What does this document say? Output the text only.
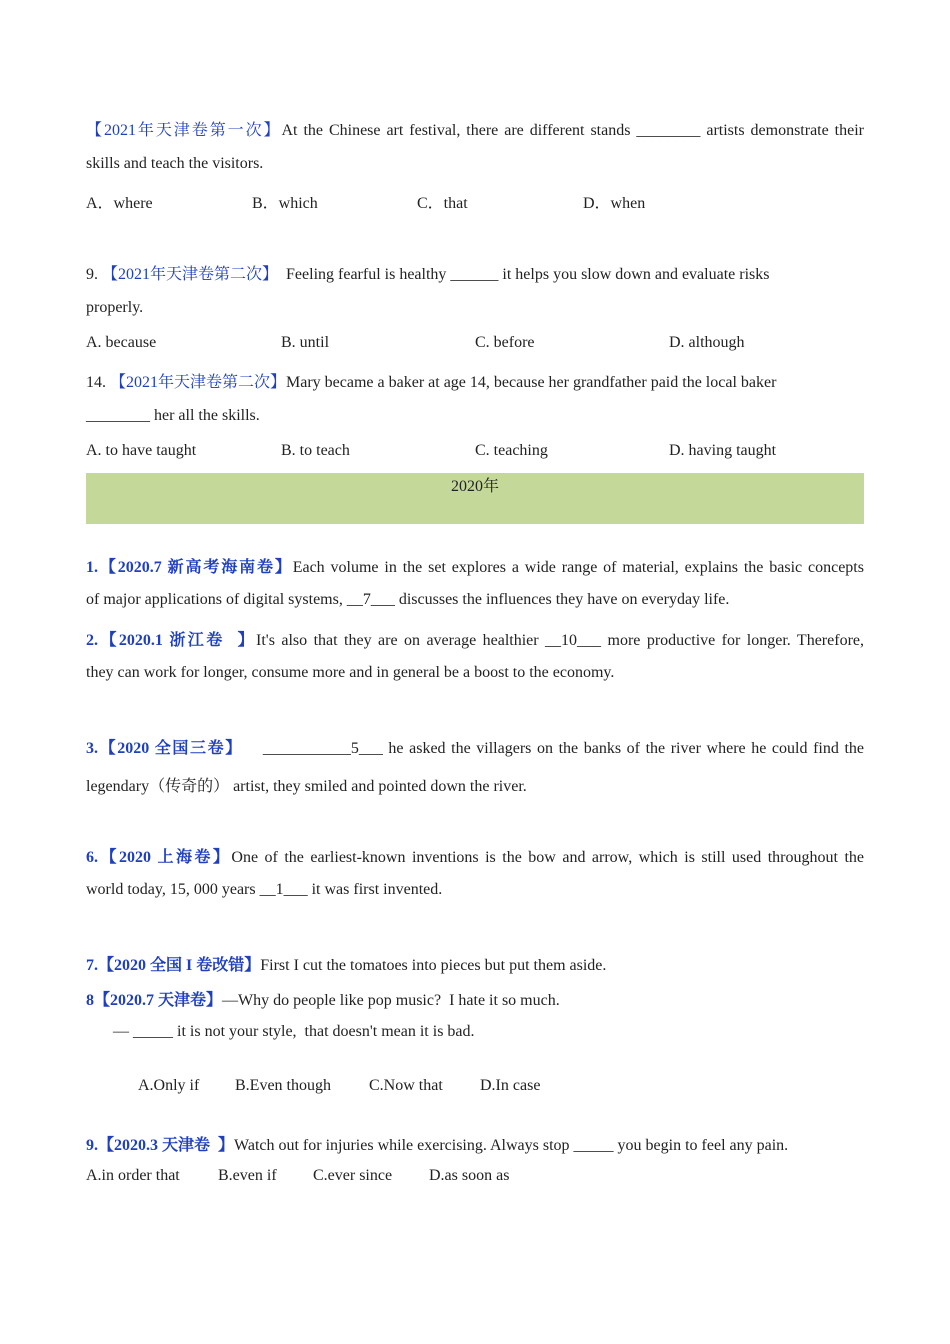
【2021年天津卷第一次】At the Chinese art festival, there are different stands ________ artists demonstrate their
skills and teach the visitors.
A．where	B．which	C．that	D．when
9. 【2021年天津卷第二次】  Feeling fearful is healthy ______ it helps you slow down and evaluate risks
properly.
A. because	B. until	C. before	D. although
14. 【2021年天津卷第二次】Mary became a baker at age 14, because her grandfather paid the local baker
________ her all the skills.
A. to have taught	B. to teach	C. teaching	D. having taught
2020年
1.【2020.7 新高考海南卷】Each volume in the set explores a wide range of material, explains the basic concepts
of major applications of digital systems, __7___ discusses the influences they have on everyday life.
2.【2020.1 浙江卷  】It's also that they are on average healthier __10___ more productive for longer. Therefore,
they can work for longer, consume more and in general be a boost to the economy.
3.【2020 全国三卷】 ___________5___ he asked the villagers on the banks of the river where he could find the
legendary（传奇的） artist, they smiled and pointed down the river.
6.【2020 上海卷】One of the earliest-known inventions is the bow and arrow, which is still used throughout the
world today, 15, 000 years __1___ it was first invented.
7.【2020 全国 I 卷改错】First I cut the tomatoes into pieces but put them aside.
8【2020.7 天津卷】—Why do people like pop music?  I hate it so much.
— _____ it is not your style,  that doesn't mean it is bad.
A.Only if B.Even though C.Now that D.In case
9.【2020.3 天津卷  】Watch out for injuries while exercising. Always stop _____ you begin to feel any pain.
A.in order that B.even if C.ever since D.as soon as
